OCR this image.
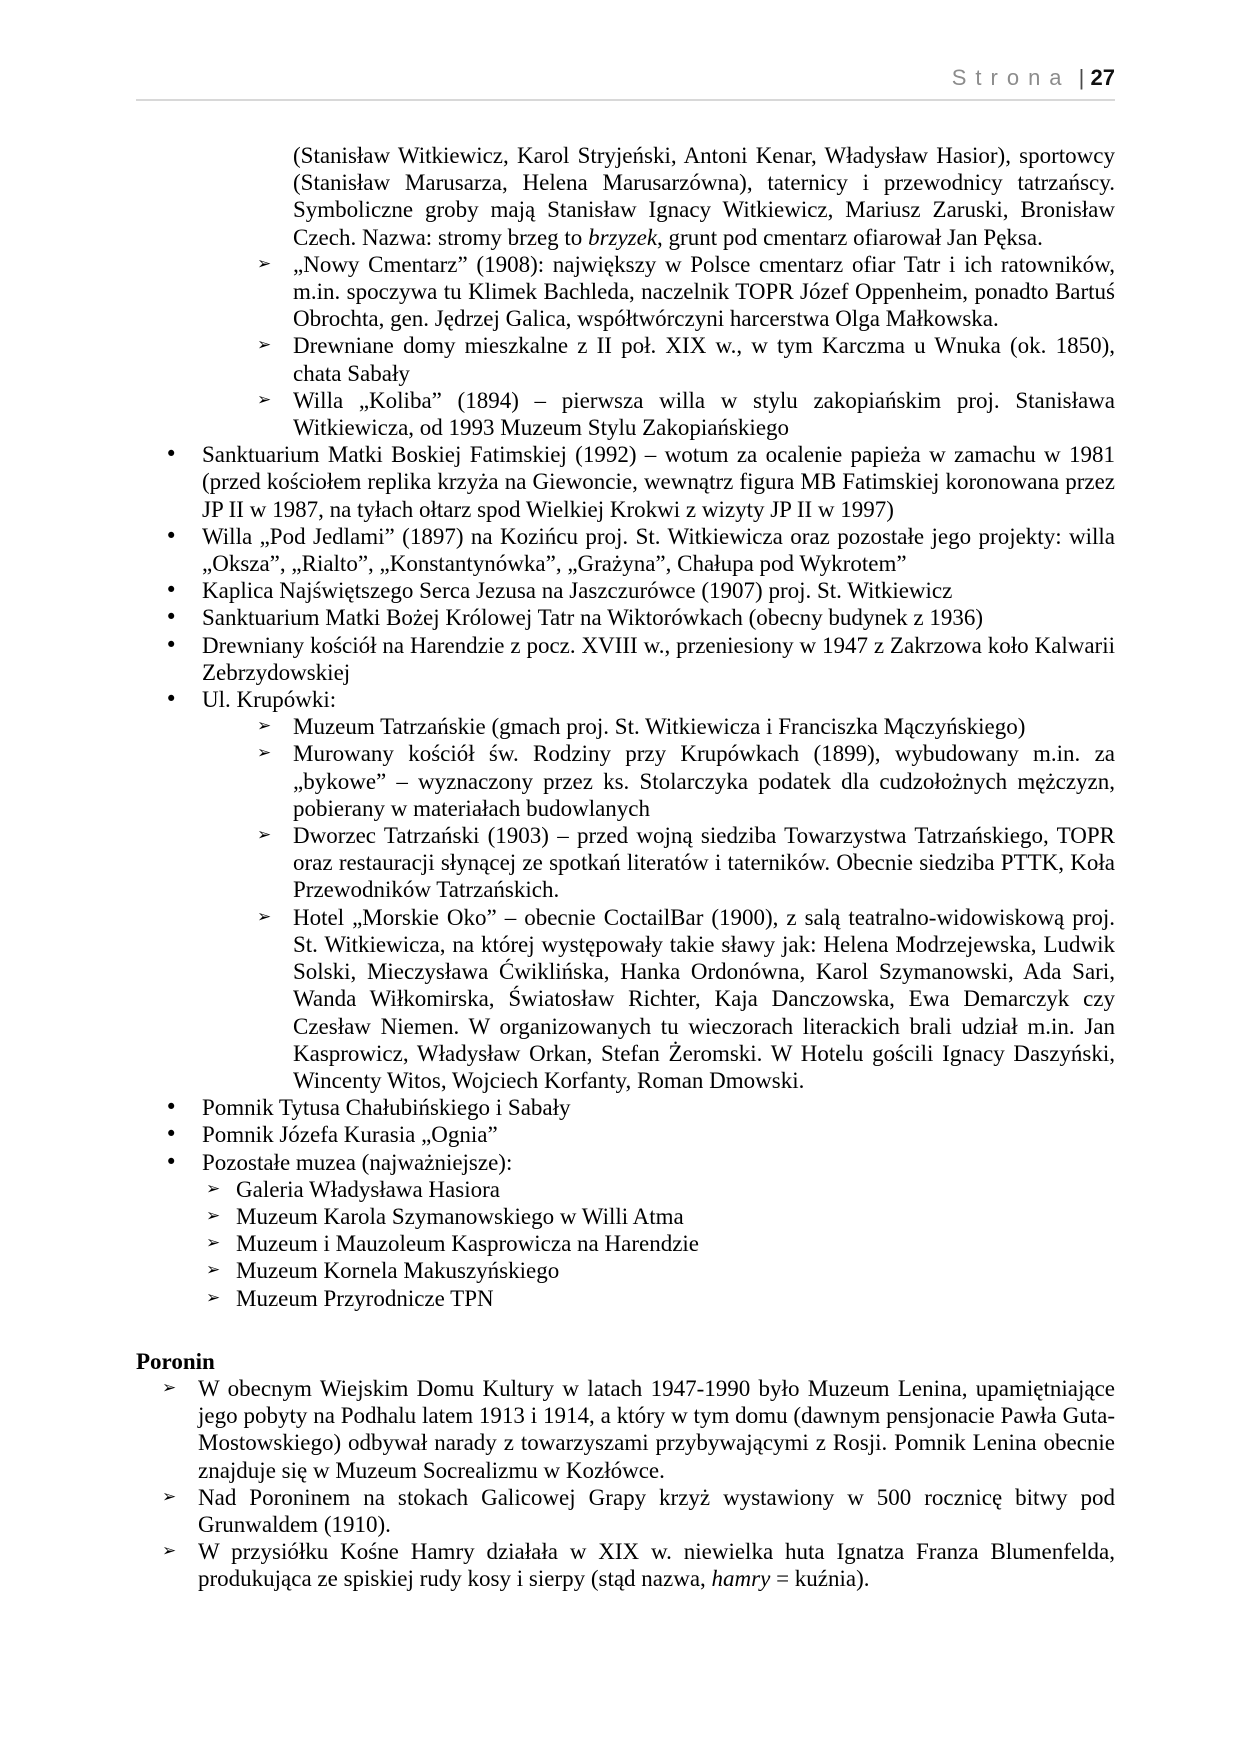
Strona | 27
(Stanisław Witkiewicz, Karol Stryjeński, Antoni Kenar, Władysław Hasior), sportowcy (Stanisław Marusarza, Helena Marusarzówna), taternicy i przewodnicy tatrzańscy. Symboliczne groby mają Stanisław Ignacy Witkiewicz, Mariusz Zaruski, Bronisław Czech. Nazwa: stromy brzeg to brzyzek, grunt pod cmentarz ofiarował Jan Pęksa.
➢ „Nowy Cmentarz” (1908): największy w Polsce cmentarz ofiar Tatr i ich ratowników, m.in. spoczywa tu Klimek Bachleda, naczelnik TOPR Józef Oppenheim, ponadto Bartuś Obrochta, gen. Jędrzej Galica, współtwórczyni harcerstwa Olga Małkowska.
➢ Drewniane domy mieszkalne z II poł. XIX w., w tym Karczma u Wnuka (ok. 1850), chata Sabały
➢ Willa „Koliba” (1894) – pierwsza willa w stylu zakopiańskim proj. Stanisława Witkiewicza, od 1993 Muzeum Stylu Zakopiańskiego
• Sanktuarium Matki Boskiej Fatimskiej (1992) – wotum za ocalenie papieża w zamachu w 1981 (przed kościołem replika krzyża na Giewoncie, wewnątrz figura MB Fatimskiej koronowana przez JP II w 1987, na tyłach ołtarz spod Wielkiej Krokwi z wizyty JP II w 1997)
• Willa „Pod Jedlami” (1897) na Kozińcu proj. St. Witkiewicza oraz pozostałe jego projekty: willa „Oksza”, „Rialto”, „Konstantynówka”, „Grażyna”, Chałupa pod Wykrotem”
• Kaplica Najświętszego Serca Jezusa na Jaszczurówce (1907) proj. St. Witkiewicz
• Sanktuarium Matki Bożej Królowej Tatr na Wiktorówkach (obecny budynek z 1936)
• Drewniany kościół na Harendzie z pocz. XVIII w., przeniesiony w 1947 z Zakrzowa koło Kalwarii Zebrzydowskiej
• Ul. Krupówki:
➢ Muzeum Tatrzańskie (gmach proj. St. Witkiewicza i Franciszka Mączyńskiego)
➢ Murowany kościół św. Rodziny przy Krupówkach (1899), wybudowany m.in. za „bykowe” – wyznaczony przez ks. Stolarczyka podatek dla cudzołożnych mężczyzn, pobierany w materiałach budowlanych
➢ Dworzec Tatrzański (1903) – przed wojną siedziba Towarzystwa Tatrzańskiego, TOPR oraz restauracji słynącej ze spotkań literatów i taterników. Obecnie siedziba PTTK, Koła Przewodników Tatrzańskich.
➢ Hotel „Morskie Oko” – obecnie CoctailBar (1900), z salą teatralno-widowiskową proj. St. Witkiewicza, na której występowały takie sławy jak: Helena Modrzejewska, Ludwik Solski, Mieczysława Ćwiklińska, Hanka Ordonówna, Karol Szymanowski, Ada Sari, Wanda Wiłkomirska, Światosław Richter, Kaja Danczowska, Ewa Demarczyk czy Czesław Niemen. W organizowanych tu wieczorach literackich brali udział m.in. Jan Kasprowicz, Władysław Orkan, Stefan Żeromski. W Hotelu gościli Ignacy Daszyński, Wincenty Witos, Wojciech Korfanty, Roman Dmowski.
• Pomnik Tytusa Chałubińskiego i Sabały
• Pomnik Józefa Kurasia „Ognia”
• Pozostałe muzea (najważniejsze):
➢ Galeria Władysława Hasiora
➢ Muzeum Karola Szymanowskiego w Willi Atma
➢ Muzeum i Mauzoleum Kasprowicza na Harendzie
➢ Muzeum Kornela Makuszyńskiego
➢ Muzeum Przyrodnicze TPN
Poronin
➢ W obecnym Wiejskim Domu Kultury w latach 1947-1990 było Muzeum Lenina, upamiętniające jego pobyty na Podhalu latem 1913 i 1914, a który w tym domu (dawnym pensjonacie Pawła Guta-Mostowskiego) odbywał narady z towarzyszami przybywającymi z Rosji. Pomnik Lenina obecnie znajduje się w Muzeum Socrealizmu w Kozłówce.
➢ Nad Poroninem na stokach Galicowej Grapy krzyż wystawiony w 500 rocznicę bitwy pod Grunwaldem (1910).
➢ W przysiółku Kośne Hamry działała w XIX w. niewielka huta Ignatza Franza Blumenfelda, produkująca ze spiskiej rudy kosy i sierpy (stąd nazwa, hamry = kuźnia).
